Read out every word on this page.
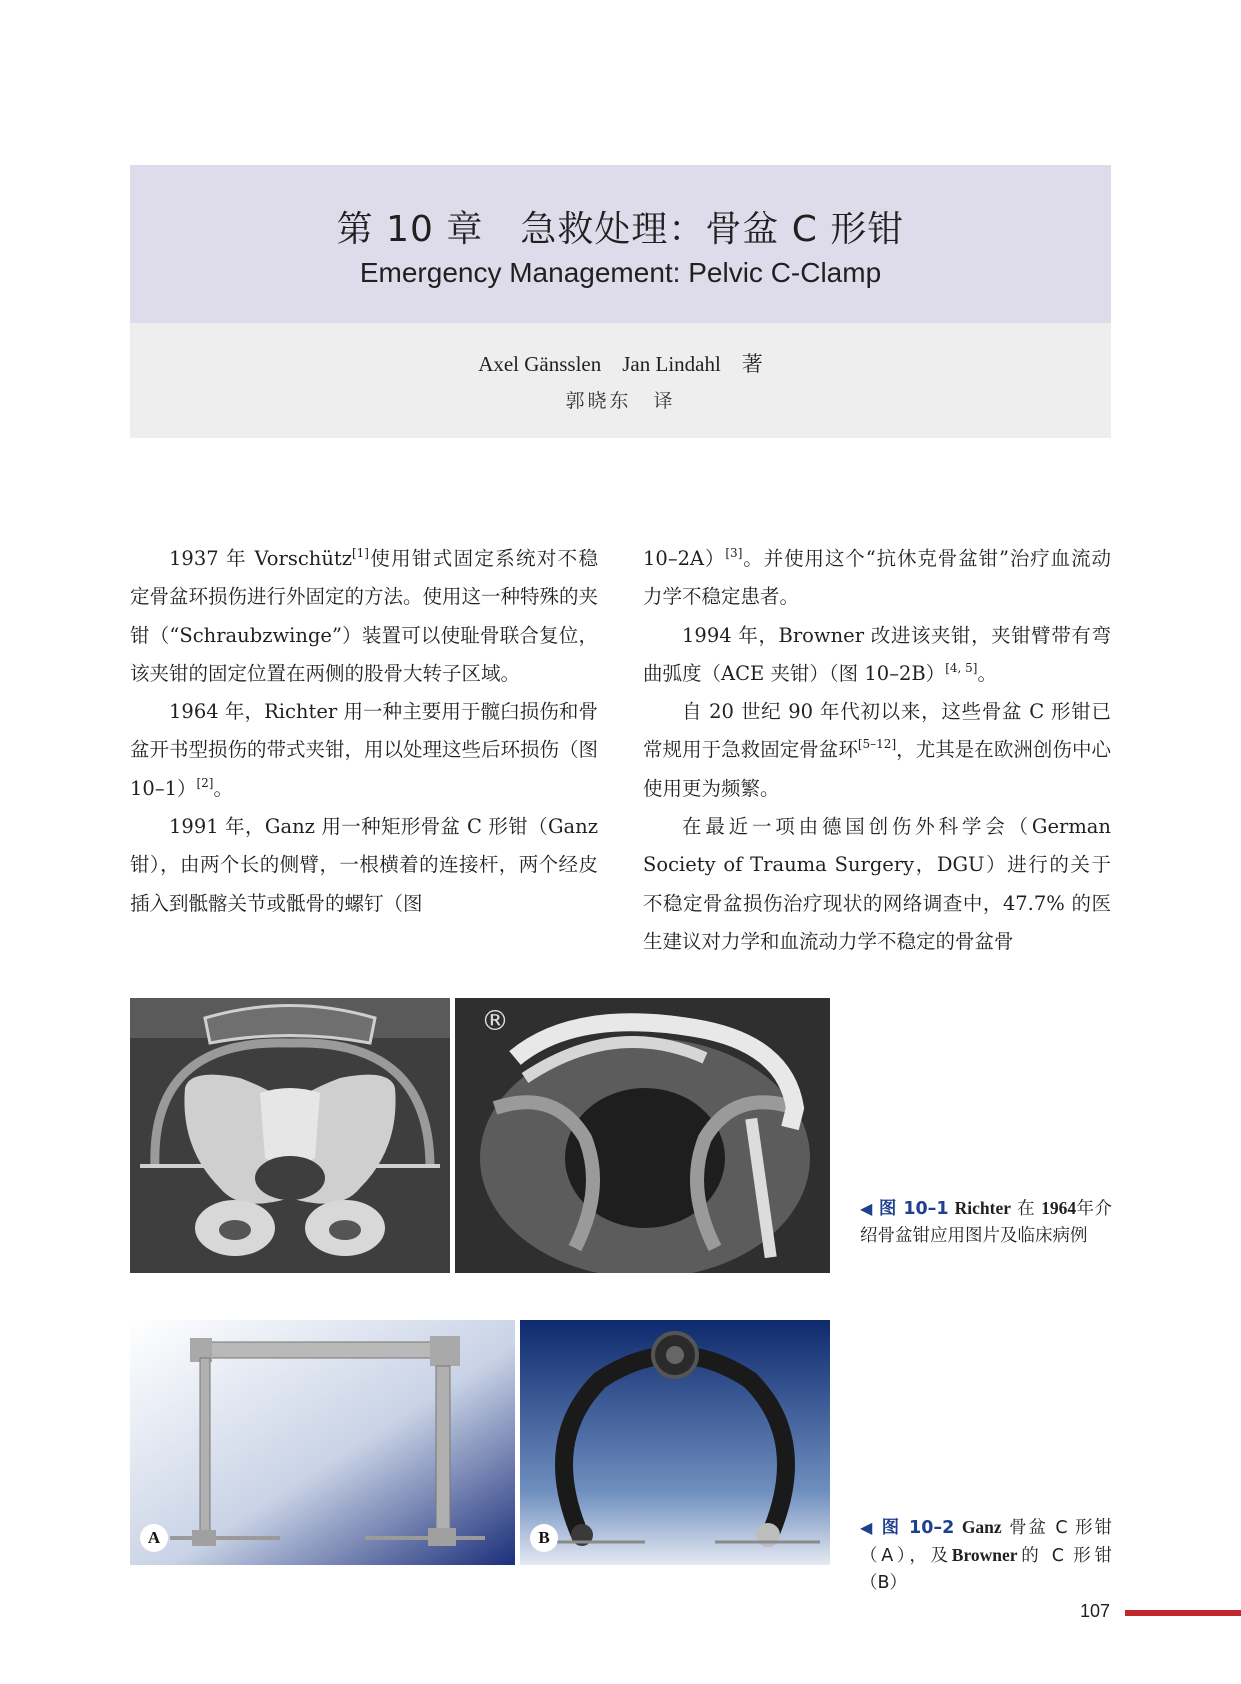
第 10 章　急救处理：骨盆 C 形钳
Emergency Management: Pelvic C-Clamp
Axel Gänsslen　Jan Lindahl　著
郭晓东　译

1937 年 Vorschütz[1]使用钳式固定系统对不稳定骨盆环损伤进行外固定的方法。使用这一种特殊的夹钳（“Schraubzwinge”）装置可以使耻骨联合复位，该夹钳的固定位置在两侧的股骨大转子区域。

1964 年，Richter 用一种主要用于髋臼损伤和骨盆开书型损伤的带式夹钳，用以处理这些后环损伤（图 10–1）[2]。

1991 年，Ganz 用一种矩形骨盆 C 形钳（Ganz 钳），由两个长的侧臂，一根横着的连接杆，两个经皮插入到骶髂关节或骶骨的螺钉（图

10–2A）[3]。并使用这个“抗休克骨盆钳”治疗血流动力学不稳定患者。

1994 年，Browner 改进该夹钳，夹钳臂带有弯曲弧度（ACE 夹钳）（图 10–2B）[4, 5]。

自 20 世纪 90 年代初以来，这些骨盆 C 形钳已常规用于急救固定骨盆环[5–12]，尤其是在欧洲创伤中心使用更为频繁。

在最近一项由德国创伤外科学会（German Society of Trauma Surgery，DGU）进行的关于不稳定骨盆损伤治疗现状的网络调查中，47.7% 的医生建议对力学和血流动力学不稳定的骨盆骨

®
◀ 图 10–1 Richter 在 1964年介绍骨盆钳应用图片及临床病例
A	B
◀ 图 10–2 Ganz 骨盆 C 形钳（A），及Browner的 C 形钳（B）
107
